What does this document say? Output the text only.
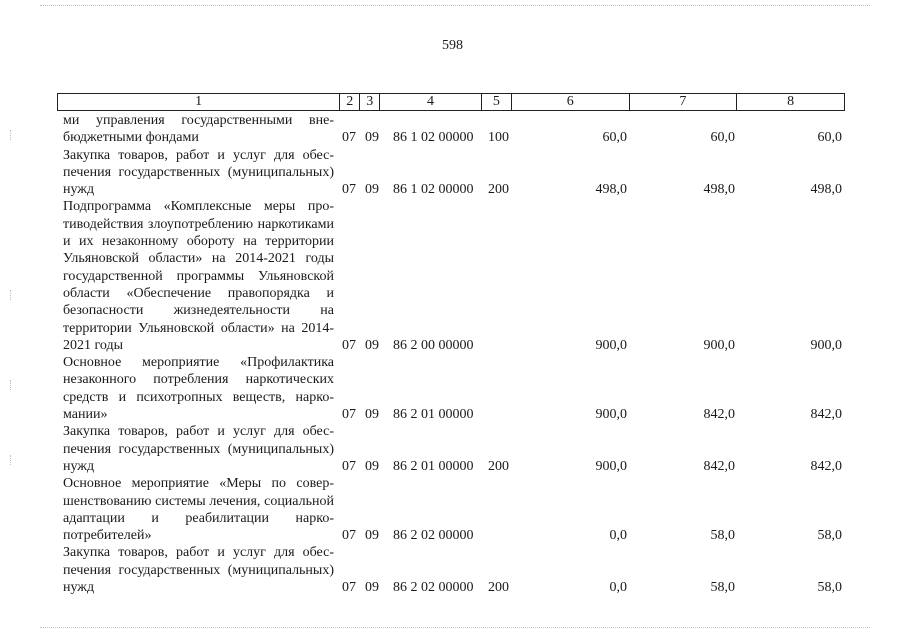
598
1	2 3	4	5	6	7	8
ми управления государственными внебюджетными фондами	07 09 86 1 02 00000 100	60,0	60,0	60,0
Закупка товаров, работ и услуг для обеспечения государственных (муниципальных) нужд	07 09 86 1 02 00000 200	498,0	498,0	498,0
Подпрограмма «Комплексные меры противодействия злоупотреблению наркотиками и их незаконному обороту на территории Ульяновской области» на 2014-2021 годы государственной программы Ульяновской области «Обеспечение правопорядка и безопасности жизнедеятельности на территории Ульяновской области» на 2014-2021 годы	07 09 86 2 00 00000	900,0	900,0	900,0
Основное мероприятие «Профилактика незаконного потребления наркотических средств и психотропных веществ, наркомании»	07 09 86 2 01 00000	900,0	842,0	842,0
Закупка товаров, работ и услуг для обеспечения государственных (муниципальных) нужд	07 09 86 2 01 00000 200	900,0	842,0	842,0
Основное мероприятие «Меры по совершенствованию системы лечения, социальной адаптации и реабилитации наркопотребителей»	07 09 86 2 02 00000	0,0	58,0	58,0
Закупка товаров, работ и услуг для обеспечения государственных (муниципальных) нужд	07 09 86 2 02 00000 200	0,0	58,0	58,0
